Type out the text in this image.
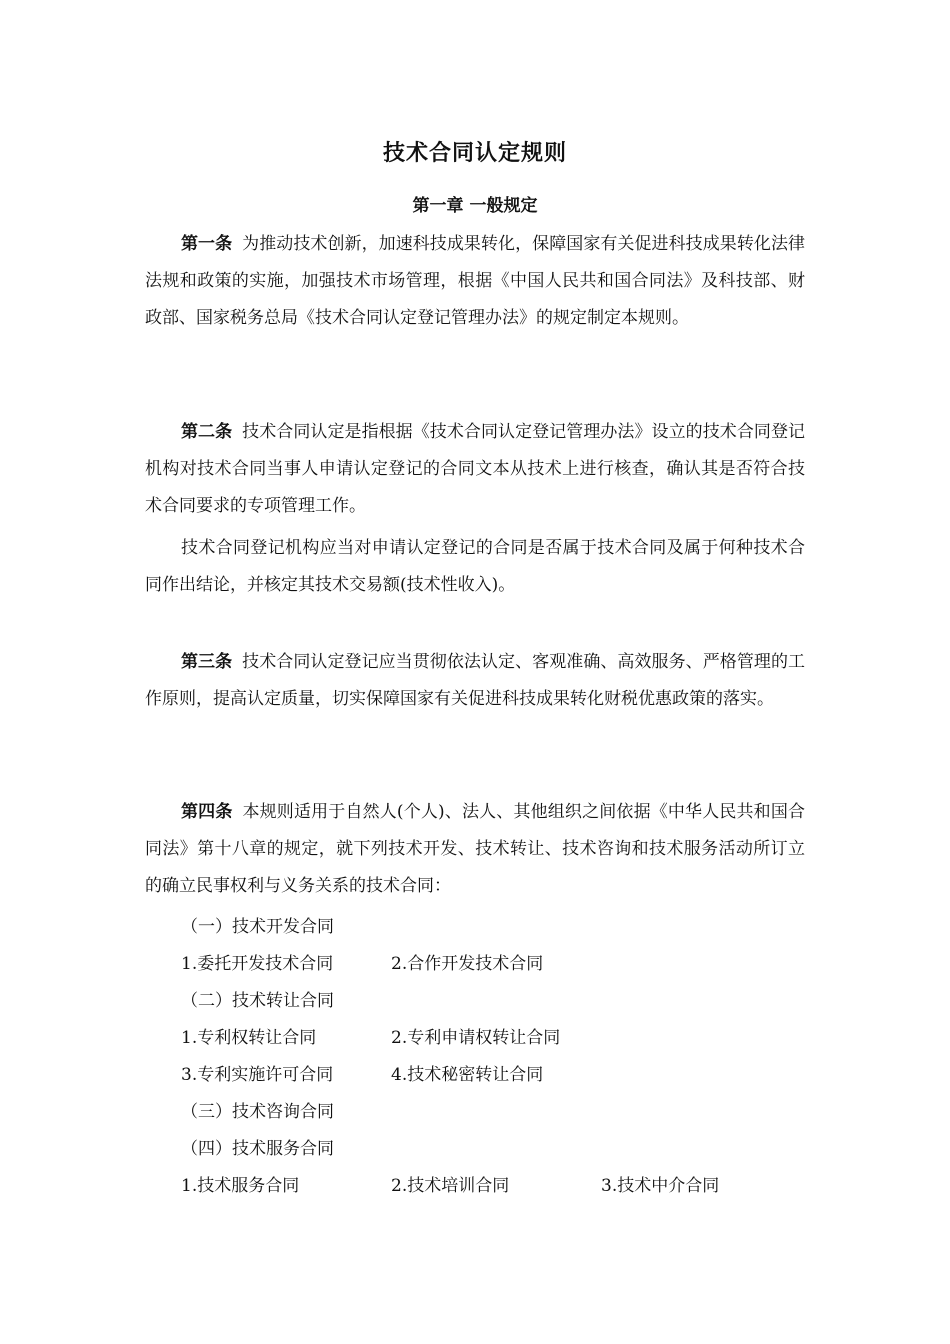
技术合同认定规则
第一章 一般规定

第一条 为推动技术创新，加速科技成果转化，保障国家有关促进科技成果转化法律法规和政策的实施，加强技术市场管理，根据《中国人民共和国合同法》及科技部、财政部、国家税务总局《技术合同认定登记管理办法》的规定制定本规则。

第二条 技术合同认定是指根据《技术合同认定登记管理办法》设立的技术合同登记机构对技术合同当事人申请认定登记的合同文本从技术上进行核查，确认其是否符合技术合同要求的专项管理工作。

技术合同登记机构应当对申请认定登记的合同是否属于技术合同及属于何种技术合同作出结论，并核定其技术交易额(技术性收入)。

第三条 技术合同认定登记应当贯彻依法认定、客观准确、高效服务、严格管理的工作原则，提高认定质量，切实保障国家有关促进科技成果转化财税优惠政策的落实。

第四条 本规则适用于自然人(个人)、法人、其他组织之间依据《中华人民共和国合同法》第十八章的规定，就下列技术开发、技术转让、技术咨询和技术服务活动所订立的确立民事权利与义务关系的技术合同：

（一）技术开发合同
1.委托开发技术合同	2.合作开发技术合同
（二）技术转让合同
1.专利权转让合同	2.专利申请权转让合同
3.专利实施许可合同	4.技术秘密转让合同
（三）技术咨询合同
（四）技术服务合同
1.技术服务合同	2.技术培训合同	3.技术中介合同
